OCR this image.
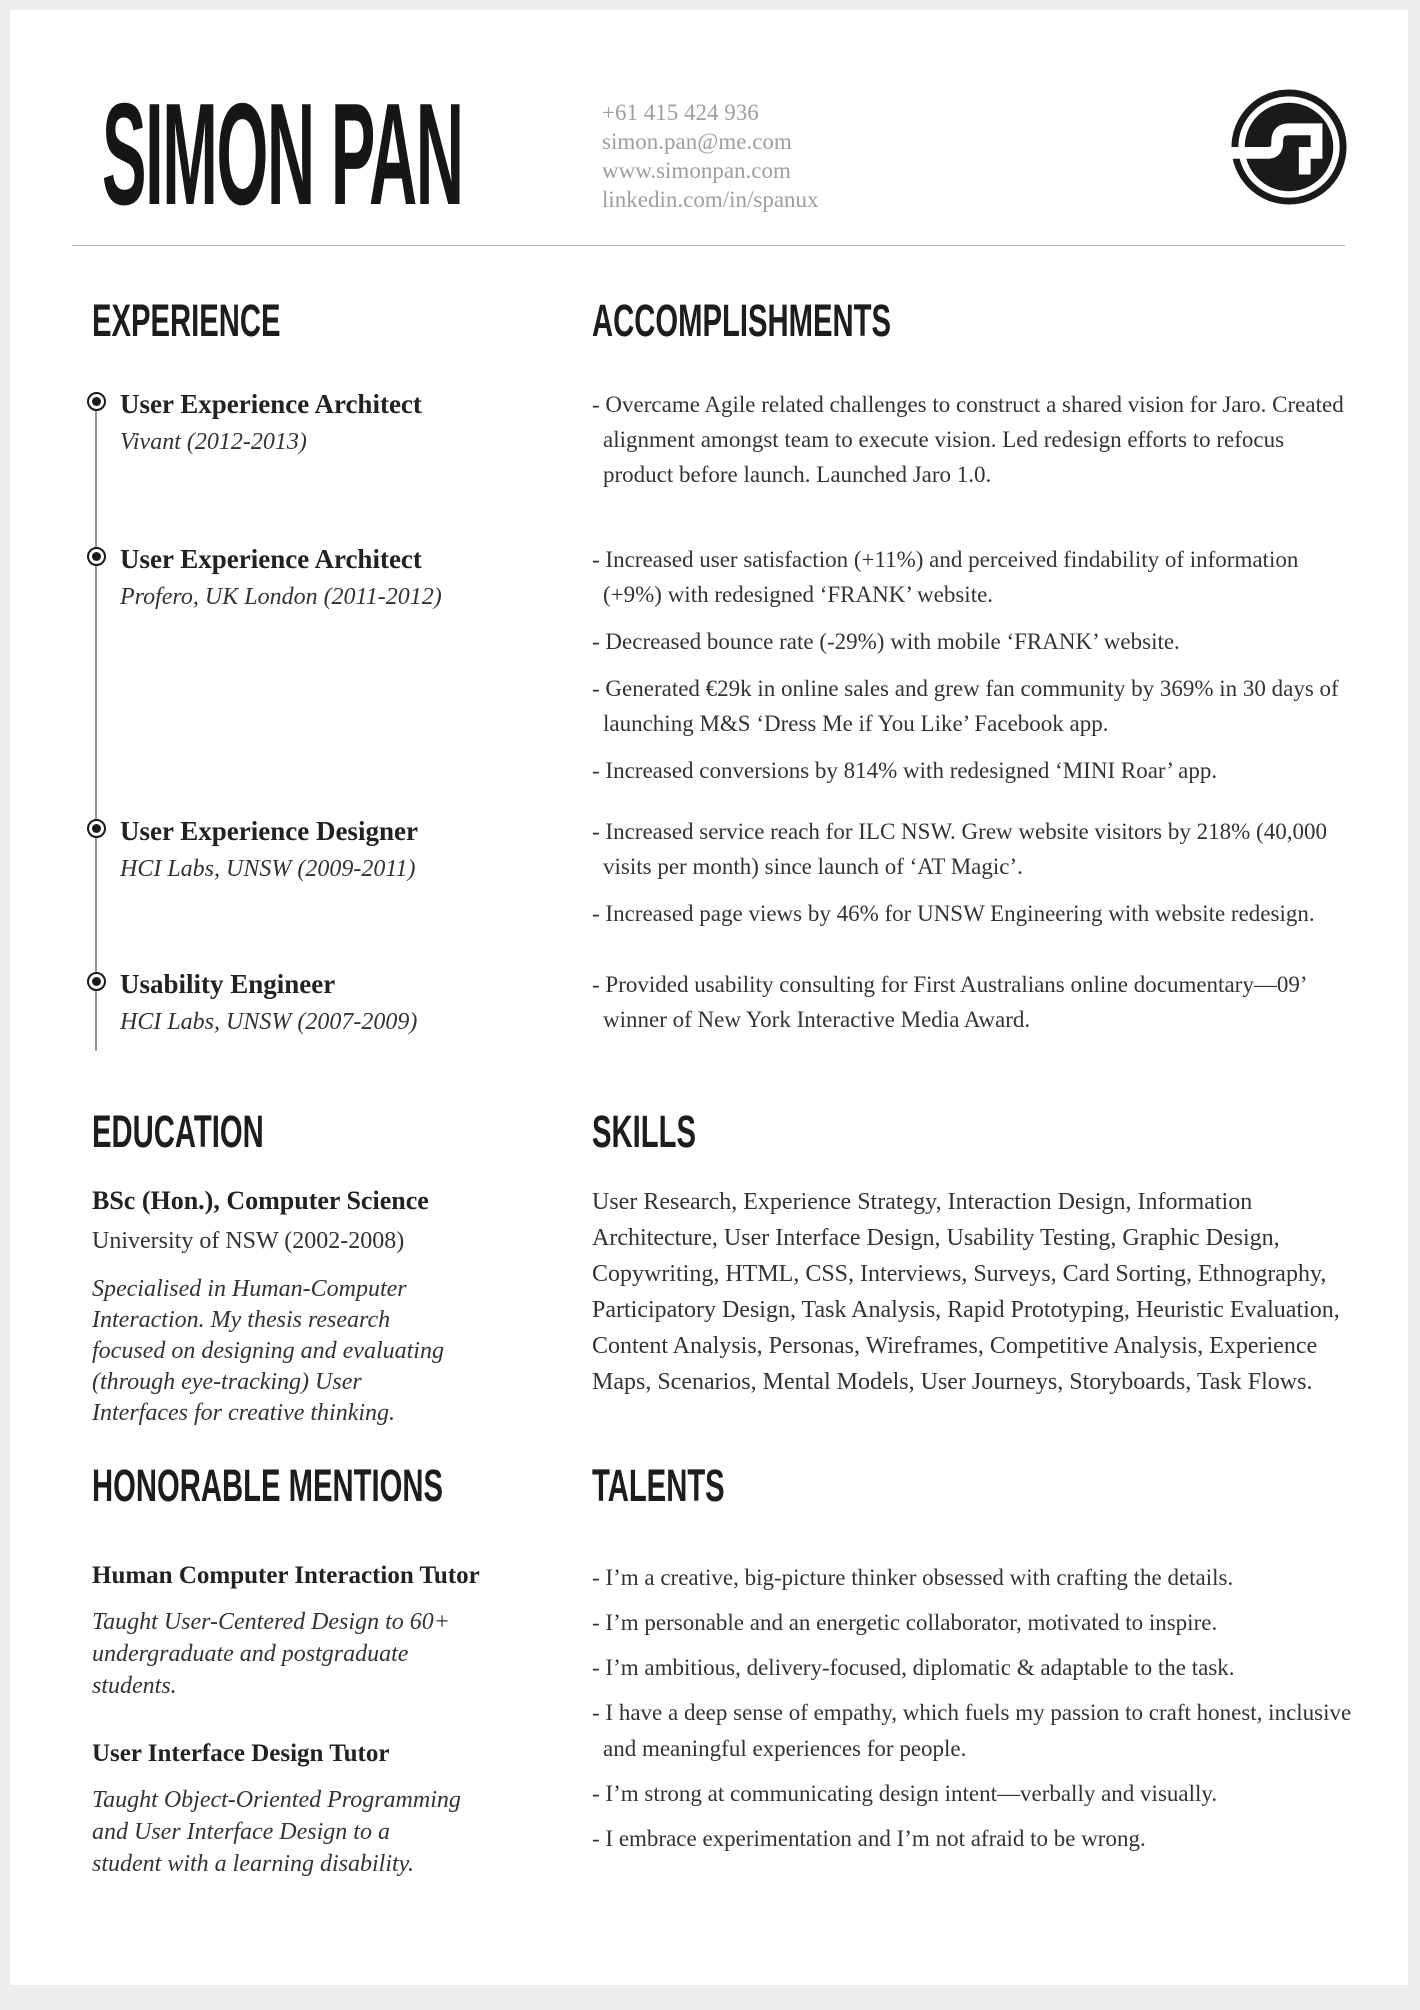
SIMON PAN	+61 415 424 936
simon.pan@me.com
www.simonpan.com
linkedin.com/in/spanux
EXPERIENCE	ACCOMPLISHMENTS
User Experience Architect
Vivant (2012-2013)
- Overcame Agile related challenges to construct a shared vision for Jaro. Created alignment amongst team to execute vision. Led redesign efforts to refocus product before launch. Launched Jaro 1.0.
User Experience Architect
Profero, UK London (2011-2012)
- Increased user satisfaction (+11%) and perceived findability of information (+9%) with redesigned ‘FRANK’ website.
- Decreased bounce rate (-29%) with mobile ‘FRANK’ website.
- Generated €29k in online sales and grew fan community by 369% in 30 days of launching M&S ‘Dress Me if You Like’ Facebook app.
- Increased conversions by 814% with redesigned ‘MINI Roar’ app.
User Experience Designer
HCI Labs, UNSW (2009-2011)
- Increased service reach for ILC NSW. Grew website visitors by 218% (40,000 visits per month) since launch of ‘AT Magic’.
- Increased page views by 46% for UNSW Engineering with website redesign.
Usability Engineer
HCI Labs, UNSW (2007-2009)
- Provided usability consulting for First Australians online documentary—09’ winner of New York Interactive Media Award.
EDUCATION	SKILLS
BSc (Hon.), Computer Science
University of NSW (2002-2008)
Specialised in Human-Computer Interaction. My thesis research focused on designing and evaluating (through eye-tracking) User Interfaces for creative thinking.
User Research, Experience Strategy, Interaction Design, Information Architecture, User Interface Design, Usability Testing, Graphic Design, Copywriting, HTML, CSS, Interviews, Surveys, Card Sorting, Ethnography, Participatory Design, Task Analysis, Rapid Prototyping, Heuristic Evaluation, Content Analysis, Personas, Wireframes, Competitive Analysis, Experience Maps, Scenarios, Mental Models, User Journeys, Storyboards, Task Flows.
HONORABLE MENTIONS	TALENTS
Human Computer Interaction Tutor
Taught User-Centered Design to 60+ undergraduate and postgraduate students.
User Interface Design Tutor
Taught Object-Oriented Programming and User Interface Design to a student with a learning disability.
- I’m a creative, big-picture thinker obsessed with crafting the details.
- I’m personable and an energetic collaborator, motivated to inspire.
- I’m ambitious, delivery-focused, diplomatic & adaptable to the task.
- I have a deep sense of empathy, which fuels my passion to craft honest, inclusive and meaningful experiences for people.
- I’m strong at communicating design intent—verbally and visually.
- I embrace experimentation and I’m not afraid to be wrong.
